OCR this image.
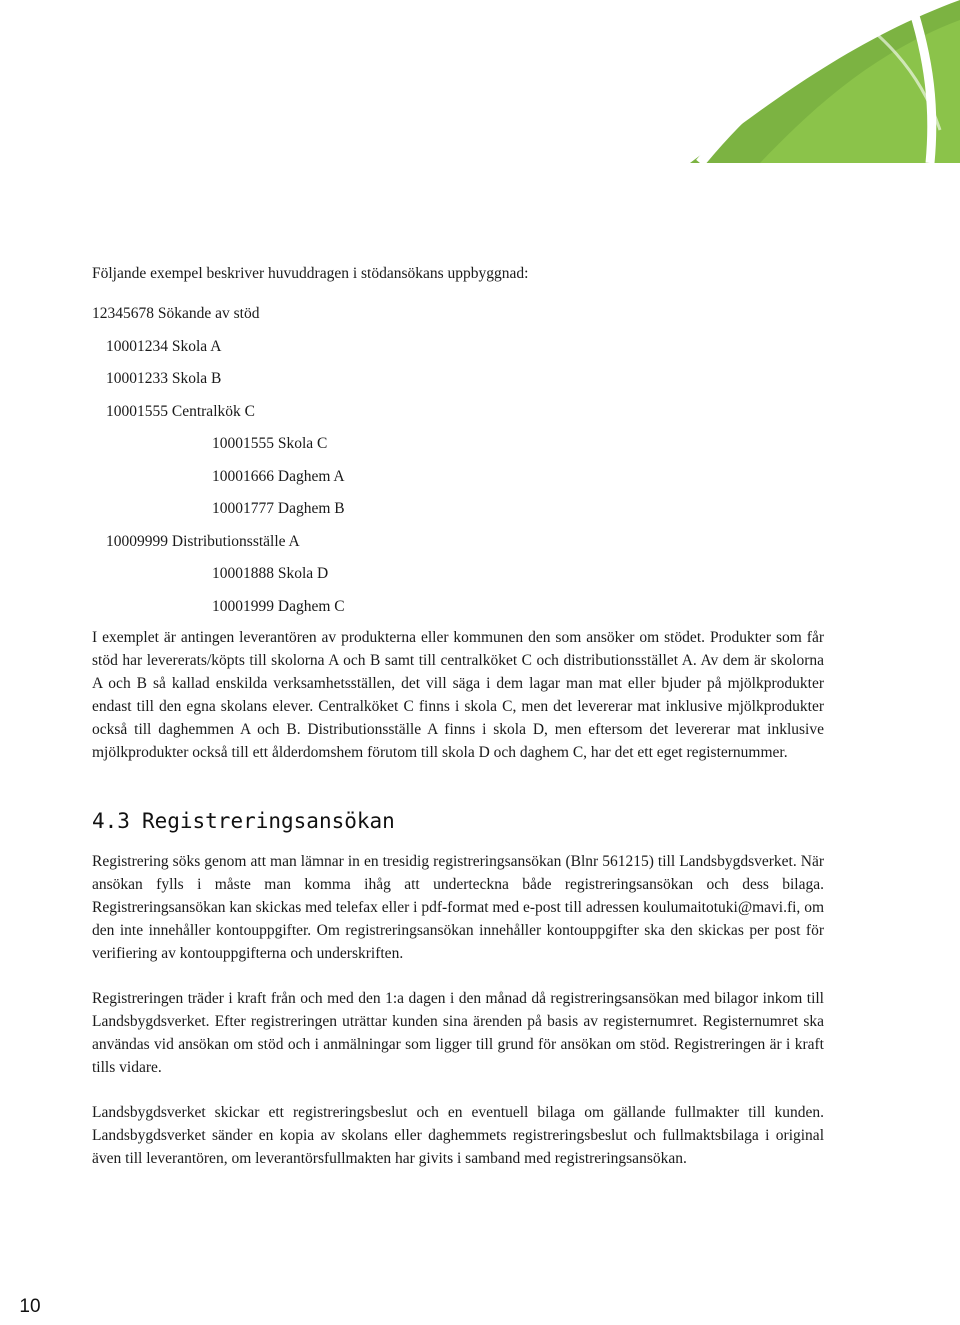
Följande exempel beskriver huvuddragen i stödansökans uppbyggnad:

12345678 Sökande av stöd
10001234 Skola A
10001233 Skola B
10001555 Centralkök C
10001555 Skola C
10001666 Daghem A
10001777 Daghem B
10009999 Distributionsställe A
10001888 Skola D
10001999 Daghem C

I exemplet är antingen leverantören av produkterna eller kommunen den som ansöker om stödet. Produkter som får stöd har levererats/köpts till skolorna A och B samt till centralköket C och distributionsstället A. Av dem är skolorna A och B så kallad enskilda verksamhetsställen, det vill säga i dem lagar man mat eller bjuder på mjölkprodukter endast till den egna skolans elever. Centralköket C finns i skola C, men det levererar mat inklusive mjölkprodukter också till daghemmen A och B. Distributionsställe A finns i skola D, men eftersom det levererar mat inklusive mjölkprodukter också till ett ålderdomshem förutom till skola D och daghem C, har det ett eget registernummer.

4.3 Registreringsansökan

Registrering söks genom att man lämnar in en tresidig registreringsansökan (Blnr 561215) till Landsbygdsverket. När ansökan fylls i måste man komma ihåg att underteckna både registreringsansökan och dess bilaga. Registreringsansökan kan skickas med telefax eller i pdf-format med e-post till adressen koulumaitotuki@mavi.fi, om den inte innehåller kontouppgifter. Om registreringsansökan innehåller kontouppgifter ska den skickas per post för verifiering av kontouppgifterna och underskriften.

Registreringen träder i kraft från och med den 1:a dagen i den månad då registreringsansökan med bilagor inkom till Landsbygdsverket. Efter registreringen uträttar kunden sina ärenden på basis av registernumret. Registernumret ska användas vid ansökan om stöd och i anmälningar som ligger till grund för ansökan om stöd. Registreringen är i kraft tills vidare.

Landsbygdsverket skickar ett registreringsbeslut och en eventuell bilaga om gällande fullmakter till kunden. Landsbygdsverket sänder en kopia av skolans eller daghemmets registreringsbeslut och fullmaktsbilaga i original även till leverantören, om leverantörsfullmakten har givits i samband med registreringsansökan.

10
